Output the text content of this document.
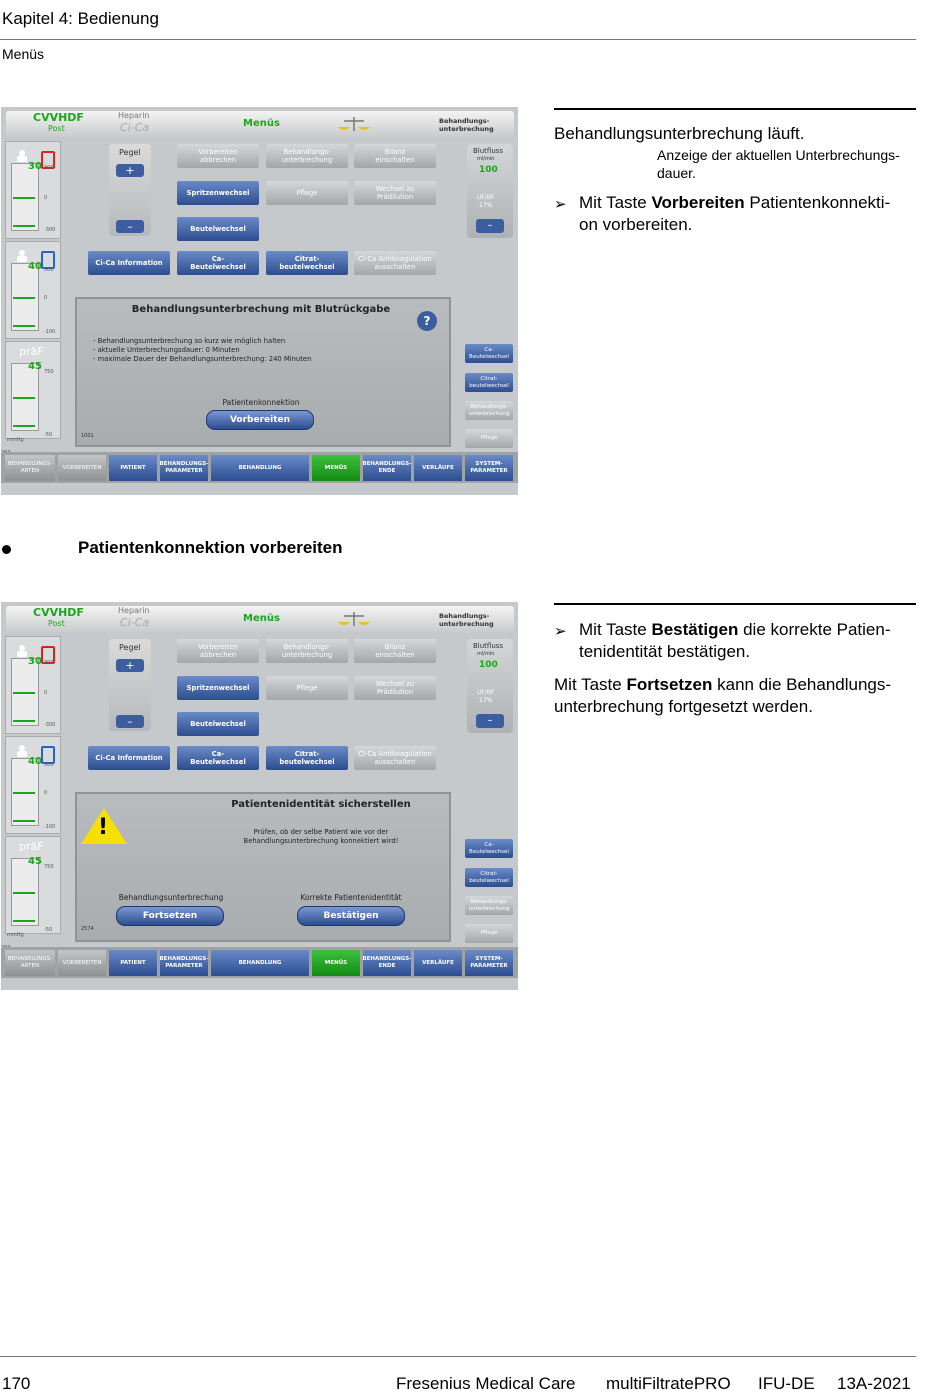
Kapitel 4: Bedienung
Menüs
CVVHDF
Post
Heparin
Ci-Ca	Menüs	Behandlungs-
unterbrechung
30
40
45
präF
300
0
-300
500
0
-100
750
-50
mmHg
Pegel
+
–
Vorbereiten
abbrechen
Behandlungs-
unterbrechung
Bilanz
einschalten
Spritzenwechsel	Pflege	Wechsel zu
Prädilution
Beutelwechsel
Ci-Ca Information	Ca-
Beutelwechsel
Citrat-
beutelwechsel
Ci-Ca Antikoagulation
ausschalten
Blutfluss
ml/min
100
UF/BF
17%
–
Ca-
Beutelwechsel
Citrat-
beutelwechsel
Behandlungs-
unterbrechung
Pflege
BEHANDLUNGS-
ARTEN
VORBEREITEN	PATIENT
BEHANDLUNGS-
PARAMETER
BEHANDLUNG	MENÜS
BEHANDLUNGS-
ENDE
VERLÄUFE
SYSTEM-
PARAMETER
Behandlungsunterbrechung mit Blutrückgabe
?
- Behandlungsunterbrechung so kurz wie möglich halten
- aktuelle Unterbrechungsdauer: 0 Minuten
- maximale Dauer der Behandlungsunterbrechung: 240 Minuten
Patientenkonnektion
Vorbereiten
1001
Behandlungsunterbrechung läuft.
Anzeige der aktuellen Unterbrechungs-
dauer.
➢ Mit Taste Vorbereiten Patientenkonnekti-
on vorbereiten.
Patientenkonnektion vorbereiten
CVVHDF
Post
Heparin
Ci-Ca	Menüs	Behandlungs-
unterbrechung
30
40
45
präF
300
0
-300
500
0
-100
750
-50
mmHg
Pegel
+
–
Vorbereiten
abbrechen
Behandlungs-
unterbrechung
Bilanz
einschalten
Spritzenwechsel	Pflege	Wechsel zu
Prädilution
Beutelwechsel
Ci-Ca Information	Ca-
Beutelwechsel
Citrat-
beutelwechsel
Ci-Ca Antikoagulation
ausschalten
Blutfluss
ml/min
100
UF/BF
17%
–
Ca-
Beutelwechsel
Citrat-
beutelwechsel
Behandlungs-
unterbrechung
Pflege
BEHANDLUNGS-
ARTEN
VORBEREITEN	PATIENT
BEHANDLUNGS-
PARAMETER
BEHANDLUNG	MENÜS
BEHANDLUNGS-
ENDE
VERLÄUFE
SYSTEM-
PARAMETER
!
Patientenidentität sicherstellen
Prüfen, ob der selbe Patient wie vor der
Behandlungsunterbrechung konnektiert wird!
Behandlungsunterbrechung
Fortsetzen
Korrekte Patientenidentität
Bestätigen
2574
➢ Mit Taste Bestätigen die korrekte Patien-
tenidentität bestätigen.
Mit Taste Fortsetzen kann die Behandlungs-
unterbrechung fortgesetzt werden.
170	Fresenius Medical Care multiFiltratePRO IFU-DE 13A-2021
